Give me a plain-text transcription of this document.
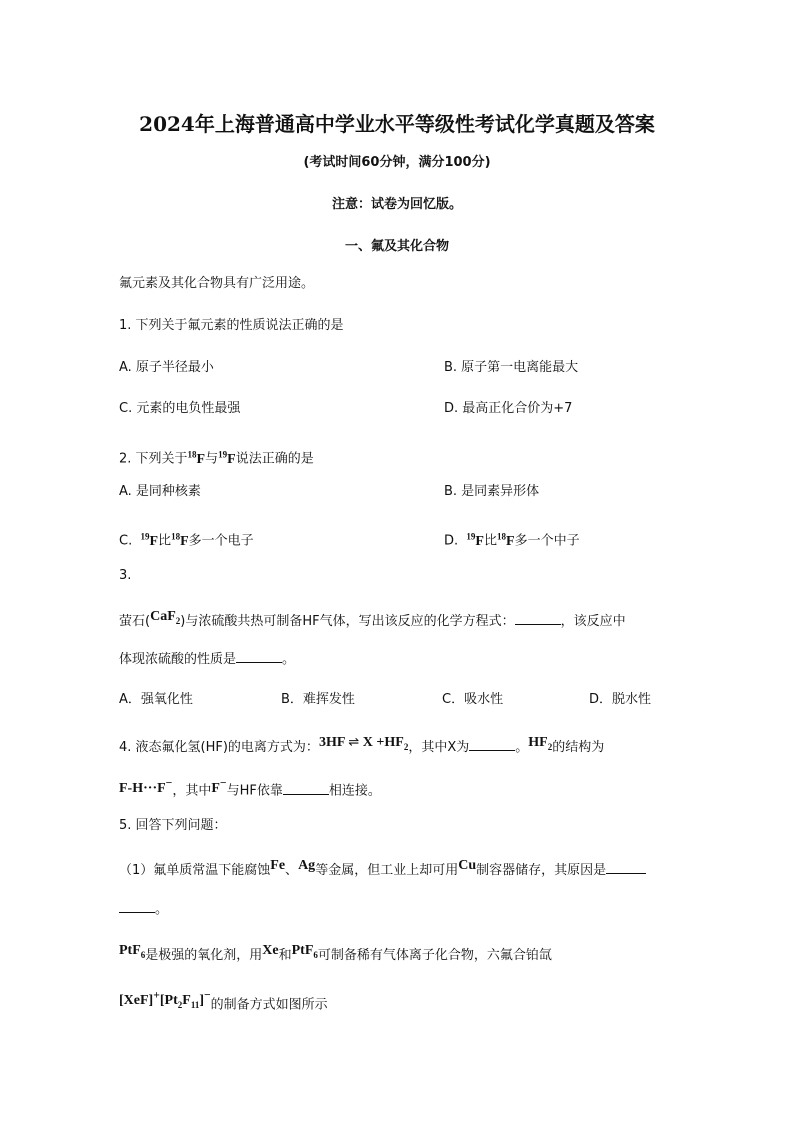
2024年上海普通高中学业水平等级性考试化学真题及答案
(考试时间60分钟，满分100分)
注意：试卷为回忆版。
一、氟及其化合物
氟元素及其化合物具有广泛用途。
1. 下列关于氟元素的性质说法正确的是
A. 原子半径最小	B. 原子第一电离能最大
C. 元素的电负性最强	D. 最高正化合价为+7
2. 下列关于$^{18}$F与$^{19}$F说法正确的是
A. 是同种核素	B. 是同素异形体
C. $^{19}$F比$^{18}$F多一个电子	D. $^{19}$F比$^{18}$F多一个中子
3.
萤石(CaF$_2$)与浓硫酸共热可制备HF气体，写出该反应的化学方程式：	，该反应中
体现浓硫酸的性质是	。
A．强氧化性	B．难挥发性	C．吸水性	D．脱水性
4. 液态氟化氢(HF)的电离方式为：3HF ⇌ $X +HF_2$，其中X为	。$HF_2$的结构为
F-H···F−，其中F−与HF依靠	相连接。
5. 回答下列问题：
（1）氟单质常温下能腐蚀Fe、Ag等金属，但工业上却可用Cu制容器储存，其原因是
。
PtF$_6$是极强的氧化剂，用Xe和PtF$_6$可制备稀有气体离子化合物，六氟合铂氙
$[XeF]^+[Pt_2F_{11}]^-$的制备方式如图所示
